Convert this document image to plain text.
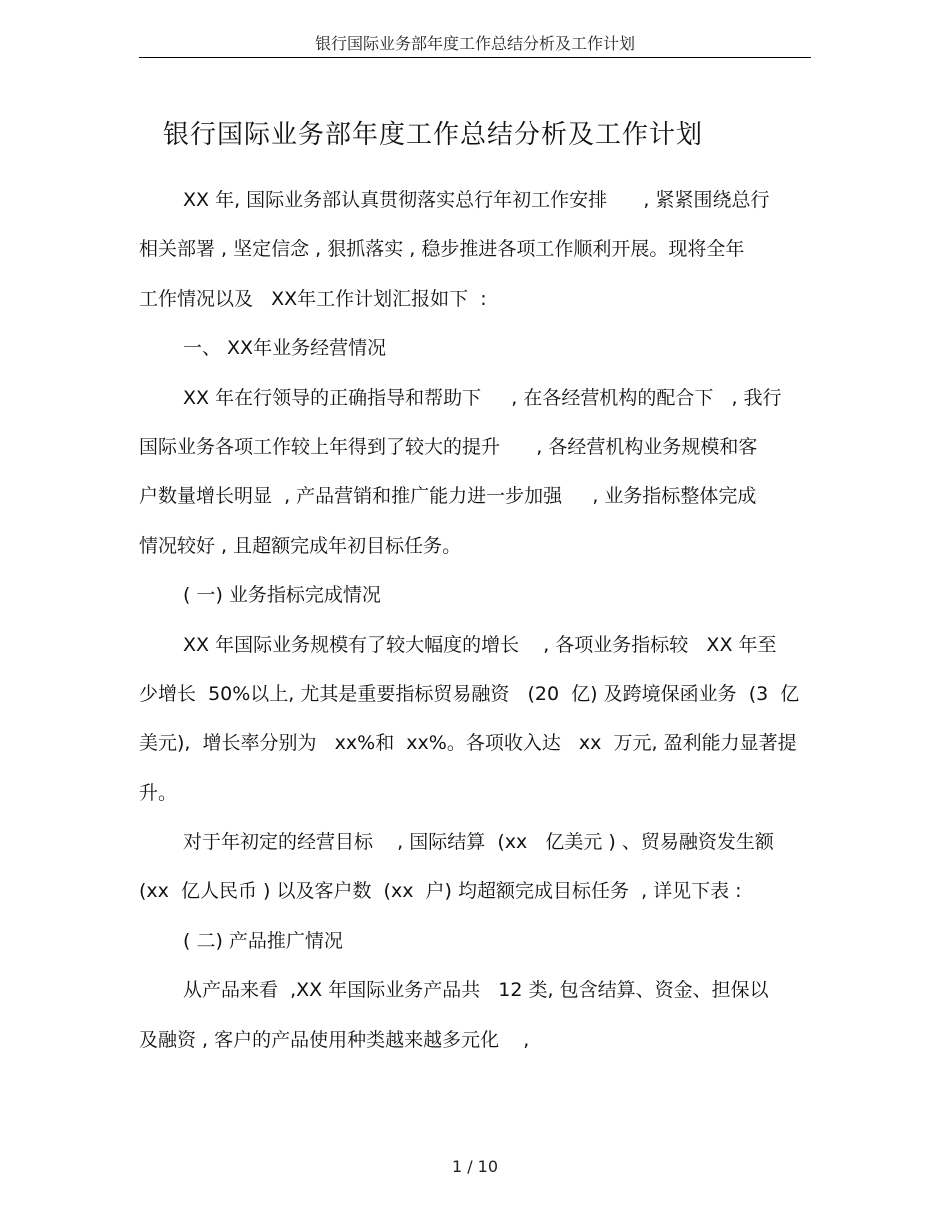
银行国际业务部年度工作总结分析及工作计划
银行国际业务部年度工作总结分析及工作计划
XX 年, 国际业务部认真贯彻落实总行年初工作安排      , 紧紧围绕总行
相关部署 , 坚定信念 , 狠抓落实 , 稳步推进各项工作顺利开展。现将全年
工作情况以及   XX年工作计划汇报如下  :
一、 XX年业务经营情况
XX 年在行领导的正确指导和帮助下     , 在各经营机构的配合下   , 我行
国际业务各项工作较上年得到了较大的提升      , 各经营机构业务规模和客
户数量增长明显  , 产品营销和推广能力进一步加强     , 业务指标整体完成
情况较好 , 且超额完成年初目标任务。
( 一) 业务指标完成情况
XX 年国际业务规模有了较大幅度的增长    , 各项业务指标较   XX 年至
少增长  50%以上, 尤其是重要指标贸易融资   (20  亿) 及跨境保函业务  (3  亿
美元),  增长率分别为   xx%和  xx%。各项收入达   xx  万元, 盈利能力显著提
升。
对于年初定的经营目标    , 国际结算  (xx   亿美元 ) 、贸易融资发生额
(xx  亿人民币 ) 以及客户数  (xx  户) 均超额完成目标任务  , 详见下表 :
( 二) 产品推广情况
从产品来看  ,XX 年国际业务产品共   12 类, 包含结算、资金、担保以
及融资 , 客户的产品使用种类越来越多元化    ,
1 / 10
